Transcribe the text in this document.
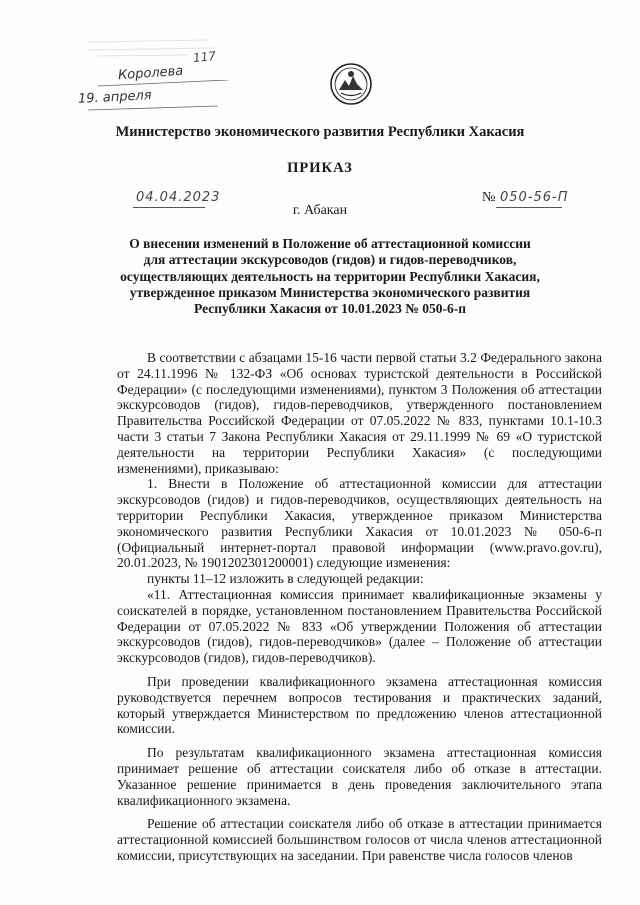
117
Королева
19. апреля
Министерство экономического развития Республики Хакасия
ПРИКАЗ
04.04.2023	№ 050-56-П
г. Абакан
О внесении изменений в Положение об аттестационной комиссии для аттестации экскурсоводов (гидов) и гидов-переводчиков, осуществляющих деятельность на территории Республики Хакасия, утвержденное приказом Министерства экономического развития Республики Хакасия от 10.01.2023 № 050-6-п

В соответствии с абзацами 15-16 части первой статьи 3.2 Федерального закона от 24.11.1996 № 132-ФЗ «Об основах туристской деятельности в Российской Федерации» (с последующими изменениями), пунктом 3 Положения об аттестации экскурсоводов (гидов), гидов-переводчиков, утвержденного постановлением Правительства Российской Федерации от 07.05.2022 № 833, пунктами 10.1-10.3 части 3 статьи 7 Закона Республики Хакасия от 29.11.1999 № 69 «О туристской деятельности на территории Республики Хакасия» (с последующими изменениями), приказываю:

1. Внести в Положение об аттестационной комиссии для аттестации экскурсоводов (гидов) и гидов-переводчиков, осуществляющих деятельность на территории Республики Хакасия, утвержденное приказом Министерства экономического развития Республики Хакасия от 10.01.2023 № 050-6-п (Официальный интернет-портал правовой информации (www.pravo.gov.ru), 20.01.2023, № 1901202301200001) следующие изменения:

пункты 11–12 изложить в следующей редакции:

«11. Аттестационная комиссия принимает квалификационные экзамены у соискателей в порядке, установленном постановлением Правительства Российской Федерации от 07.05.2022 № 833 «Об утверждении Положения об аттестации экскурсоводов (гидов), гидов-переводчиков» (далее – Положение об аттестации экскурсоводов (гидов), гидов-переводчиков).

При проведении квалификационного экзамена аттестационная комиссия руководствуется перечнем вопросов тестирования и практических заданий, который утверждается Министерством по предложению членов аттестационной комиссии.

По результатам квалификационного экзамена аттестационная комиссия принимает решение об аттестации соискателя либо об отказе в аттестации. Указанное решение принимается в день проведения заключительного этапа квалификационного экзамена.

Решение об аттестации соискателя либо об отказе в аттестации принимается аттестационной комиссией большинством голосов от числа членов аттестационной комиссии, присутствующих на заседании. При равенстве числа голосов членов
